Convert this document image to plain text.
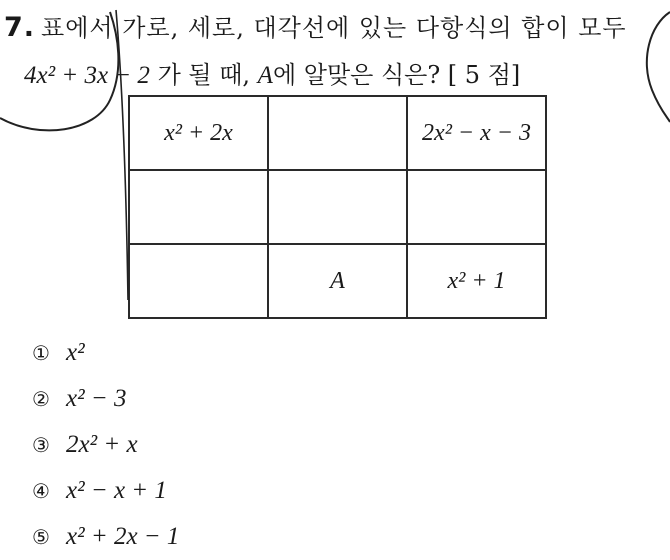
7. 표에서 가로, 세로, 대각선에 있는 다항식의 합이 모두
4x² + 3x − 2 가 될 때, A에 알맞은 식은? [ 5 점]
x² + 2x		2x² − x − 3

	A	x² + 1
① x²
② x² − 3
③ 2x² + x
④ x² − x + 1
⑤ x² + 2x − 1
